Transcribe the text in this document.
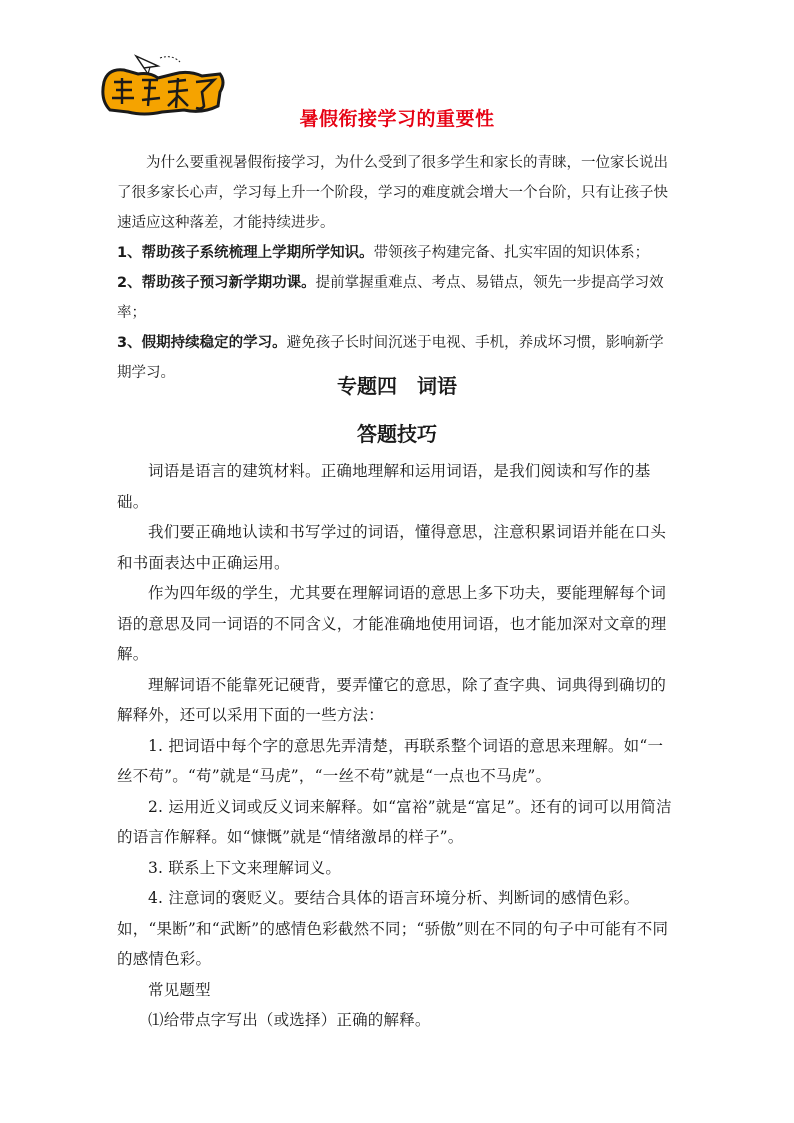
暑假衔接学习的重要性

为什么要重视暑假衔接学习，为什么受到了很多学生和家长的青睐，一位家长说出了很多家长心声，学习每上升一个阶段，学习的难度就会增大一个台阶，只有让孩子快速适应这种落差，才能持续进步。

1、帮助孩子系统梳理上学期所学知识。带领孩子构建完备、扎实牢固的知识体系；

2、帮助孩子预习新学期功课。提前掌握重难点、考点、易错点，领先一步提高学习效率；

3、假期持续稳定的学习。避免孩子长时间沉迷于电视、手机，养成坏习惯，影响新学期学习。

专题四　词语
答题技巧

词语是语言的建筑材料。正确地理解和运用词语，是我们阅读和写作的基础。

我们要正确地认读和书写学过的词语，懂得意思，注意积累词语并能在口头和书面表达中正确运用。

作为四年级的学生，尤其要在理解词语的意思上多下功夫，要能理解每个词语的意思及同一词语的不同含义，才能准确地使用词语，也才能加深对文章的理解。

理解词语不能靠死记硬背，要弄懂它的意思，除了查字典、词典得到确切的解释外，还可以采用下面的一些方法：

1. 把词语中每个字的意思先弄清楚，再联系整个词语的意思来理解。如“一丝不苟”。“苟”就是“马虎”，“一丝不苟”就是“一点也不马虎”。

2. 运用近义词或反义词来解释。如“富裕”就是“富足”。还有的词可以用简洁的语言作解释。如“慷慨”就是“情绪激昂的样子”。

3. 联系上下文来理解词义。

4. 注意词的褒贬义。要结合具体的语言环境分析、判断词的感情色彩。如，“果断”和“武断”的感情色彩截然不同；“骄傲”则在不同的句子中可能有不同的感情色彩。

常见题型

⑴给带点字写出（或选择）正确的解释。
